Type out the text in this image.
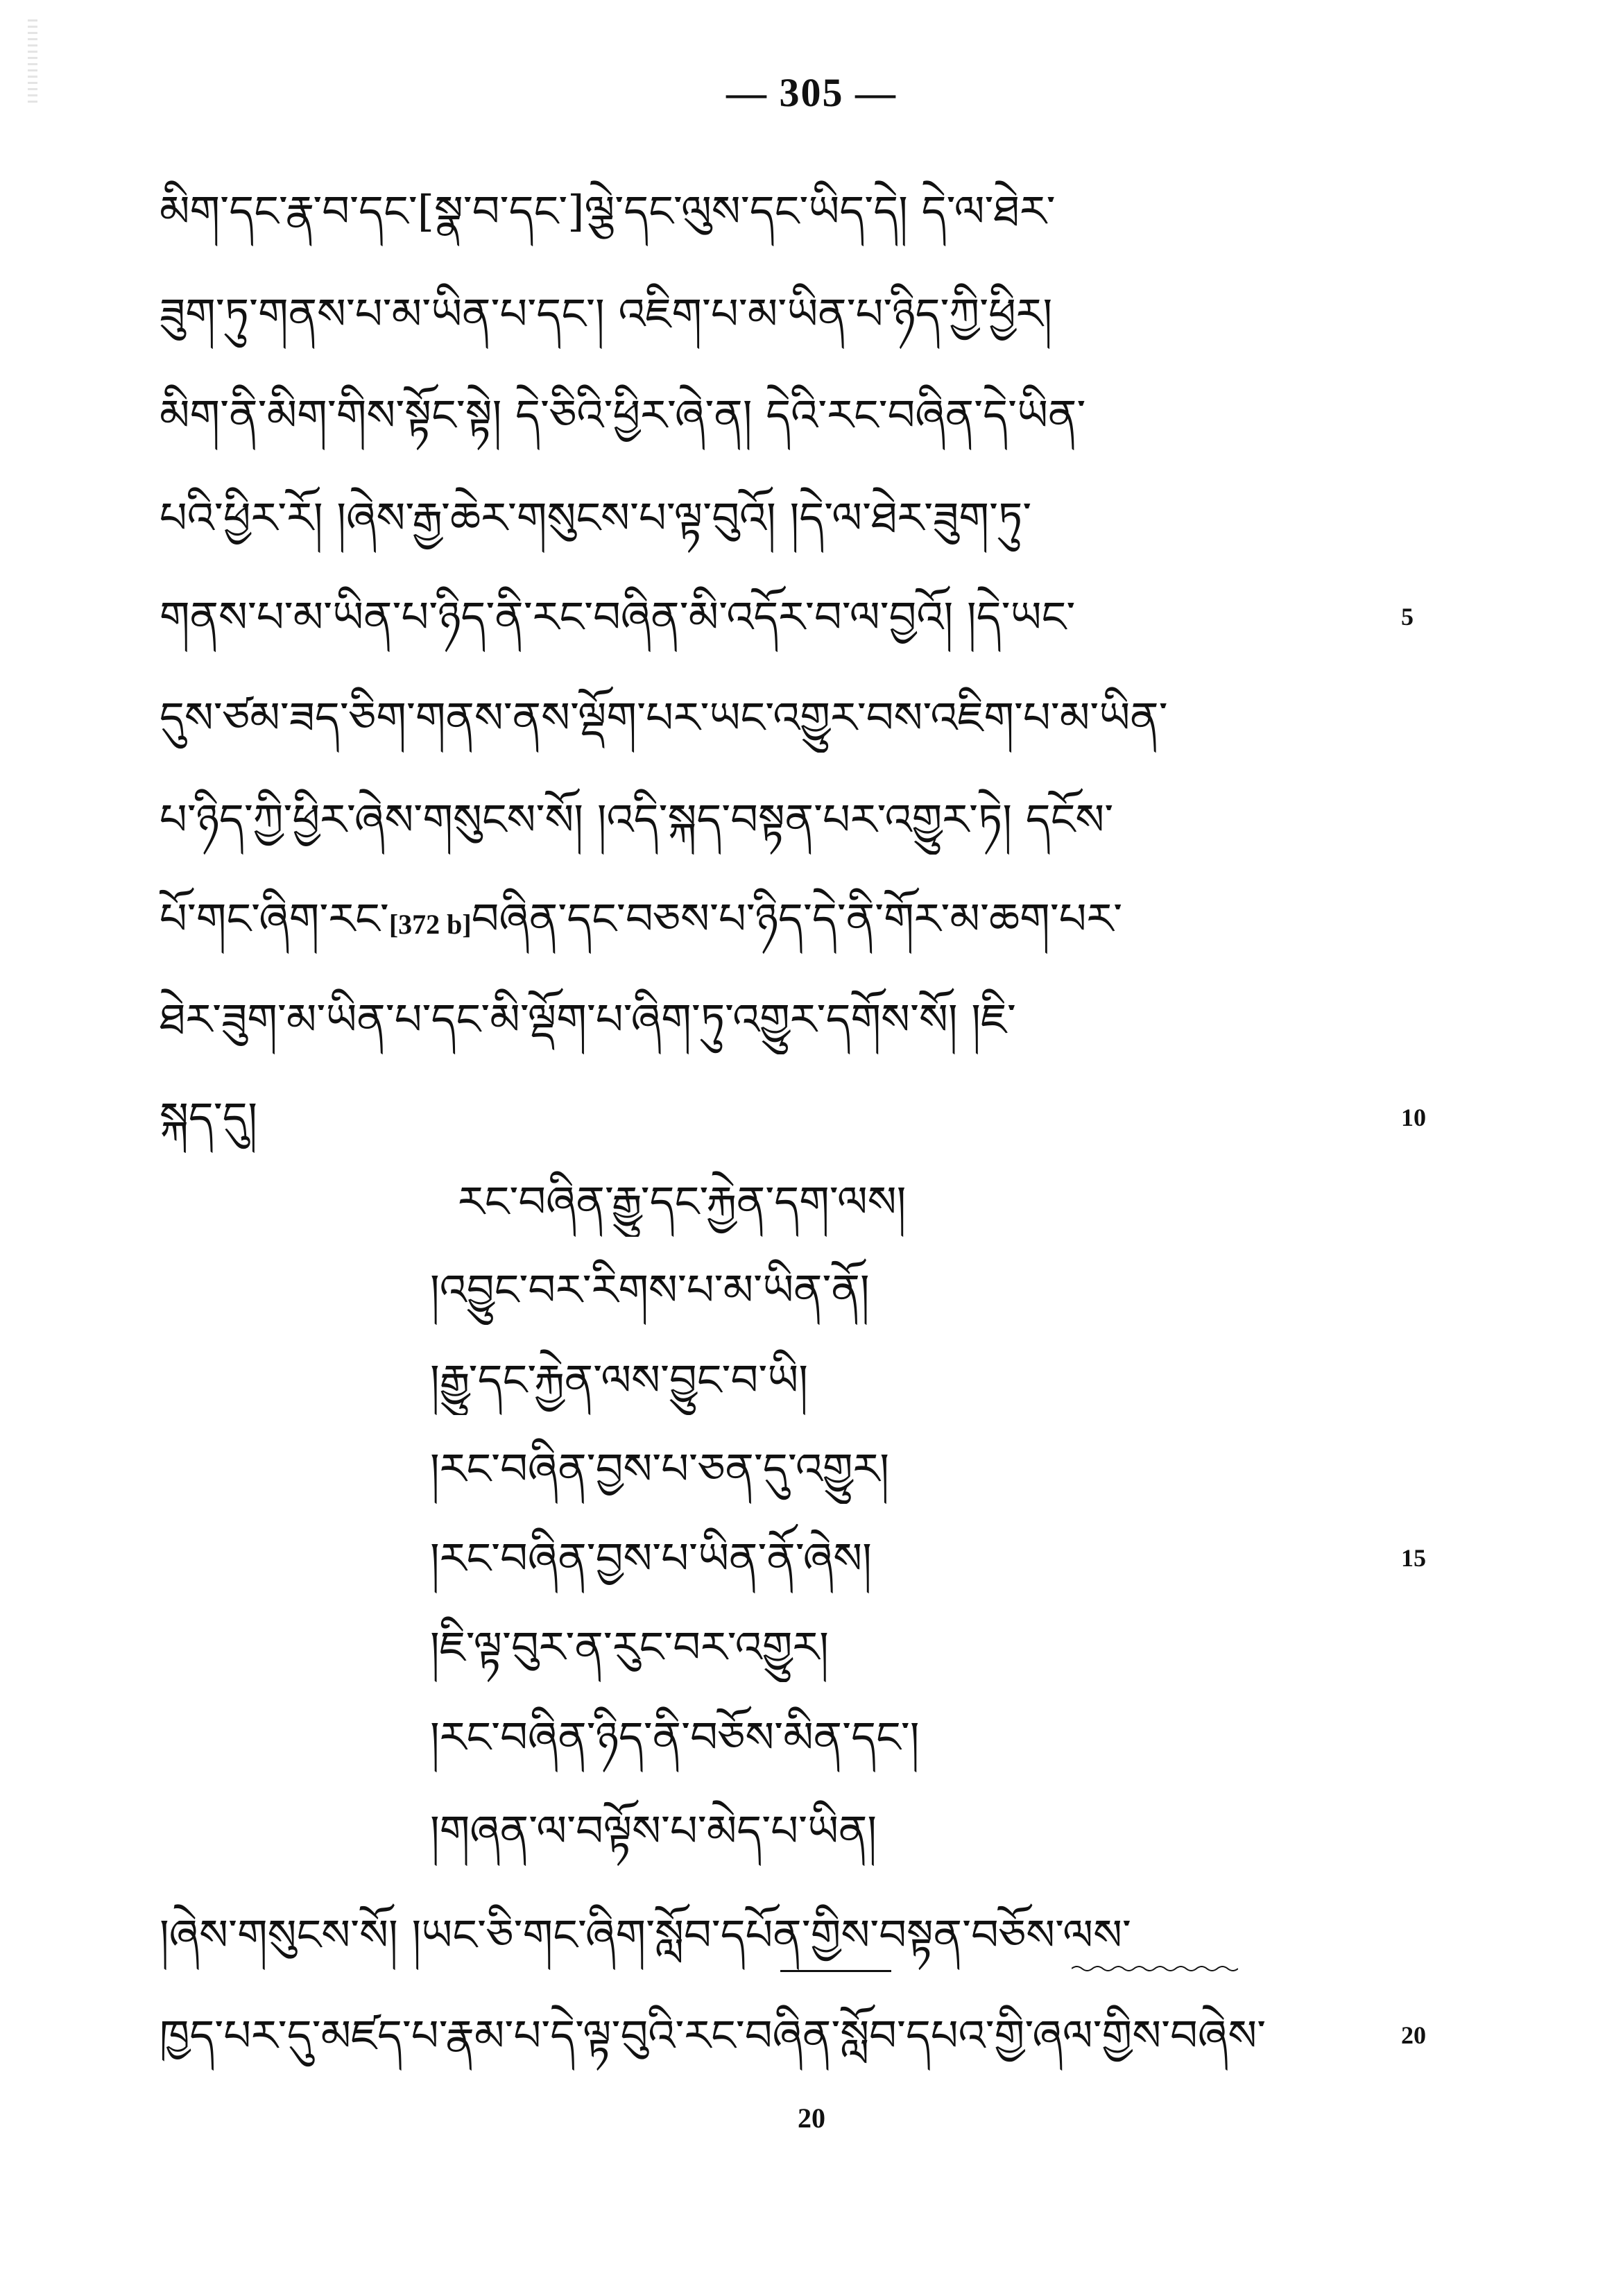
— 305 —
མིག་དང་རྣ་བ་དང་[སྣ་བ་དང་]ལྕེ་དང་ལུས་དང་ཡིད་དེ། དེ་ལ་ཐེར་
ཟུག་ཏུ་གནས་པ་མ་ཡིན་པ་དང་། འཇིག་པ་མ་ཡིན་པ་ཉིད་ཀྱི་ཕྱིར།
མིག་ནི་མིག་གིས་སྟོང་སྟེ། དེ་ཅིའི་ཕྱིར་ཞེ་ན། དེའི་རང་བཞིན་དེ་ཡིན་
པའི་ཕྱིར་རོ། །ཞེས་རྒྱ་ཆེར་གསུངས་པ་ལྟ་བུའོ། །དེ་ལ་ཐེར་ཟུག་ཏུ་
གནས་པ་མ་ཡིན་པ་ཉིད་ནི་རང་བཞིན་མི་འདོར་བ་ལ་བྱའོ། །དེ་ཡང་	5
དུས་ཙམ་ཟད་ཅིག་གནས་ནས་ལྡོག་པར་ཡང་འགྱུར་བས་འཇིག་པ་མ་ཡིན་
པ་ཉིད་ཀྱི་ཕྱིར་ཞེས་གསུངས་སོ། །འདི་སྐད་བསྟན་པར་འགྱུར་ཏེ། དངོས་
པོ་གང་ཞིག་རང་[372 b]བཞིན་དང་བཅས་པ་ཉིད་དེ་ནི་གོར་མ་ཆག་པར་
ཐེར་ཟུག་མ་ཡིན་པ་དང་མི་ལྡོག་པ་ཞིག་ཏུ་འགྱུར་དགོས་སོ། །ཇི་
སྐད་དུ།	10
རང་བཞིན་རྒྱུ་དང་རྐྱེན་དག་ལས།
།འབྱུང་བར་རིགས་པ་མ་ཡིན་ནོ།
།རྒྱུ་དང་རྐྱེན་ལས་བྱུང་བ་ཡི།
།རང་བཞིན་བྱས་པ་ཅན་དུ་འགྱུར།
།རང་བཞིན་བྱས་པ་ཡིན་ནོ་ཞེས།	15
།ཇི་ལྟ་བུར་ན་རུང་བར་འགྱུར།
།རང་བཞིན་ཉིད་ནི་བཅོས་མིན་དང་།
།གཞན་ལ་བལྟོས་པ་མེད་པ་ཡིན།
།ཞེས་གསུངས་སོ། །ཡང་ཅི་གང་ཞིག་སློབ་དཔོན་གྱིས་བསྟན་བཅོས་ལས་
ཁྱད་པར་དུ་མཛད་པ་རྣམ་པ་དེ་ལྟ་བུའི་རང་བཞིན་སློབ་དཔའ་གྱི་ཞལ་གྱིས་བཞེས་	20
20
